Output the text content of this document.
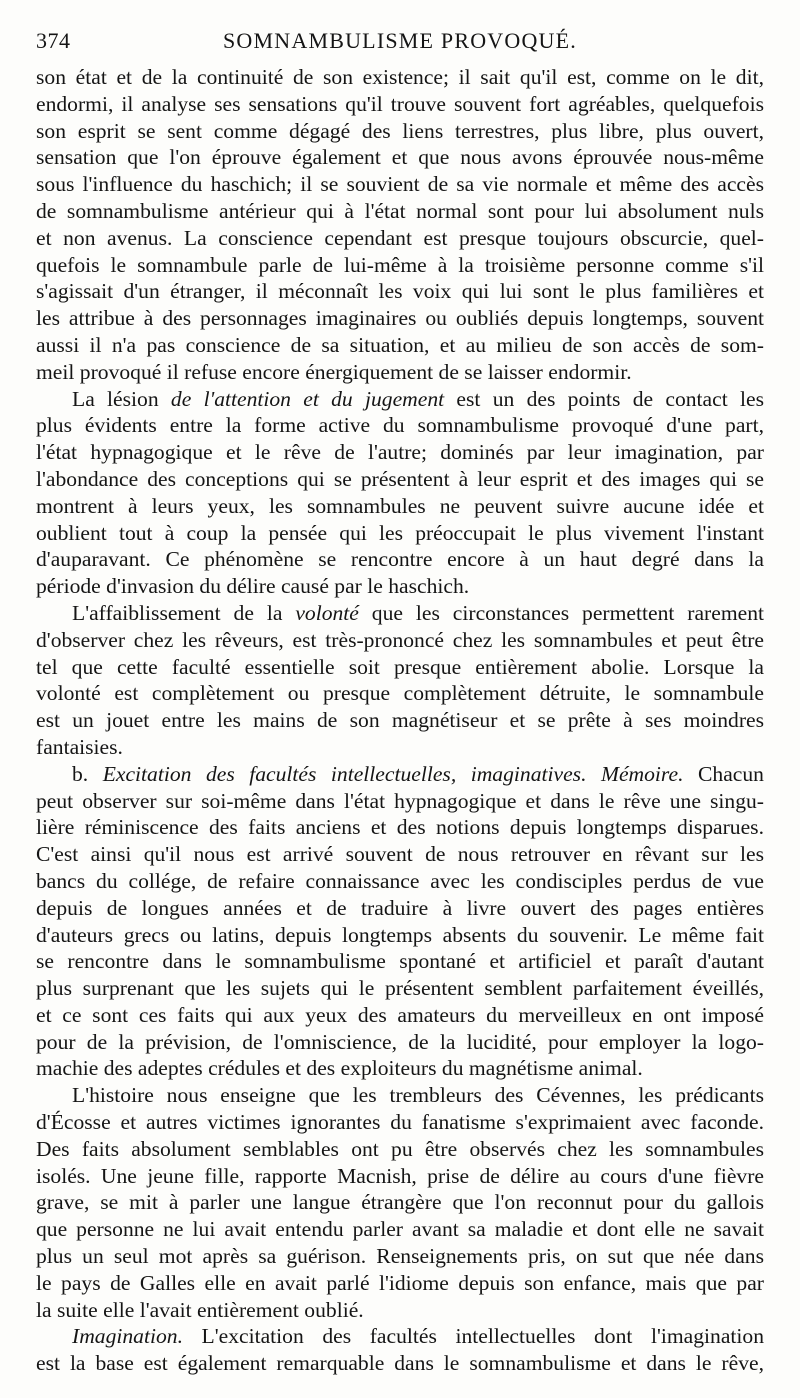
374	SOMNAMBULISME PROVOQUÉ.
son état et de la continuité de son existence; il sait qu'il est, comme on le dit,
endormi, il analyse ses sensations qu'il trouve souvent fort agréables, quelquefois
son esprit se sent comme dégagé des liens terrestres, plus libre, plus ouvert,
sensation que l'on éprouve également et que nous avons éprouvée nous-même
sous l'influence du haschich; il se souvient de sa vie normale et même des accès
de somnambulisme antérieur qui à l'état normal sont pour lui absolument nuls
et non avenus. La conscience cependant est presque toujours obscurcie, quel-
quefois le somnambule parle de lui-même à la troisième personne comme s'il
s'agissait d'un étranger, il méconnaît les voix qui lui sont le plus familières et
les attribue à des personnages imaginaires ou oubliés depuis longtemps, souvent
aussi il n'a pas conscience de sa situation, et au milieu de son accès de som-
meil provoqué il refuse encore énergiquement de se laisser endormir.
La lésion de l'attention et du jugement est un des points de contact les
plus évidents entre la forme active du somnambulisme provoqué d'une part,
l'état hypnagogique et le rêve de l'autre; dominés par leur imagination, par
l'abondance des conceptions qui se présentent à leur esprit et des images qui se
montrent à leurs yeux, les somnambules ne peuvent suivre aucune idée et
oublient tout à coup la pensée qui les préoccupait le plus vivement l'instant
d'auparavant. Ce phénomène se rencontre encore à un haut degré dans la
période d'invasion du délire causé par le haschich.
L'affaiblissement de la volonté que les circonstances permettent rarement
d'observer chez les rêveurs, est très-prononcé chez les somnambules et peut être
tel que cette faculté essentielle soit presque entièrement abolie. Lorsque la
volonté est complètement ou presque complètement détruite, le somnambule
est un jouet entre les mains de son magnétiseur et se prête à ses moindres
fantaisies.
b. Excitation des facultés intellectuelles, imaginatives. Mémoire. Chacun
peut observer sur soi-même dans l'état hypnagogique et dans le rêve une singu-
lière réminiscence des faits anciens et des notions depuis longtemps disparues.
C'est ainsi qu'il nous est arrivé souvent de nous retrouver en rêvant sur les
bancs du collége, de refaire connaissance avec les condisciples perdus de vue
depuis de longues années et de traduire à livre ouvert des pages entières
d'auteurs grecs ou latins, depuis longtemps absents du souvenir. Le même fait
se rencontre dans le somnambulisme spontané et artificiel et paraît d'autant
plus surprenant que les sujets qui le présentent semblent parfaitement éveillés,
et ce sont ces faits qui aux yeux des amateurs du merveilleux en ont imposé
pour de la prévision, de l'omniscience, de la lucidité, pour employer la logo-
machie des adeptes crédules et des exploiteurs du magnétisme animal.
L'histoire nous enseigne que les trembleurs des Cévennes, les prédicants
d'Écosse et autres victimes ignorantes du fanatisme s'exprimaient avec faconde.
Des faits absolument semblables ont pu être observés chez les somnambules
isolés. Une jeune fille, rapporte Macnish, prise de délire au cours d'une fièvre
grave, se mit à parler une langue étrangère que l'on reconnut pour du gallois
que personne ne lui avait entendu parler avant sa maladie et dont elle ne savait
plus un seul mot après sa guérison. Renseignements pris, on sut que née dans
le pays de Galles elle en avait parlé l'idiome depuis son enfance, mais que par
la suite elle l'avait entièrement oublié.
Imagination. L'excitation des facultés intellectuelles dont l'imagination
est la base est également remarquable dans le somnambulisme et dans le rêve,
